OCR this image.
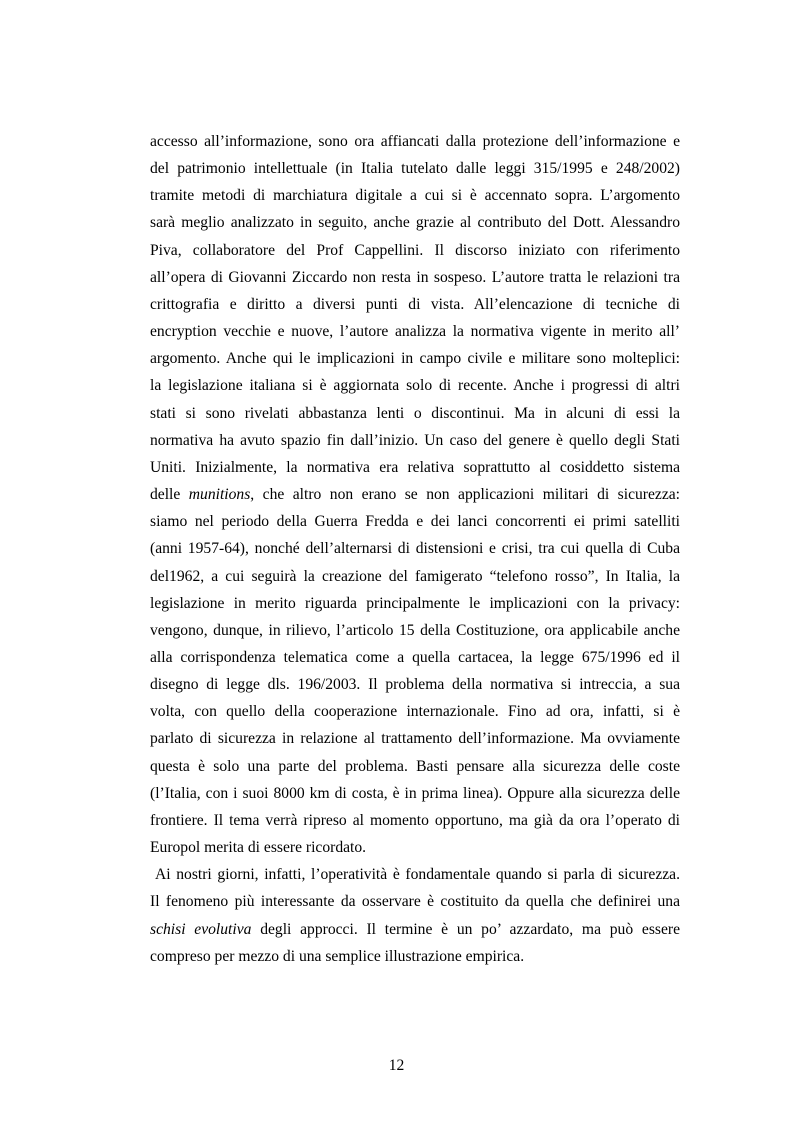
accesso all’informazione, sono ora affiancati dalla protezione dell’informazione e
del patrimonio intellettuale (in Italia tutelato dalle leggi 315/1995 e 248/2002)
tramite metodi di marchiatura digitale a cui si è accennato sopra. L’argomento
sarà meglio analizzato in seguito, anche grazie al contributo del Dott. Alessandro
Piva, collaboratore del Prof Cappellini. Il discorso iniziato con riferimento
all’opera di Giovanni Ziccardo non resta in sospeso. L’autore tratta le relazioni tra
crittografia e diritto a diversi punti di vista. All’elencazione di tecniche di
encryption vecchie e nuove, l’autore analizza la normativa vigente in merito all’
argomento. Anche qui le implicazioni in campo civile e militare sono molteplici:
la legislazione italiana si è aggiornata solo di recente. Anche i progressi di altri
stati si sono rivelati abbastanza lenti o discontinui. Ma in alcuni di essi la
normativa ha avuto spazio fin dall’inizio. Un caso del genere è quello degli Stati
Uniti. Inizialmente, la normativa era relativa soprattutto al cosiddetto sistema
delle munitions, che altro non erano se non applicazioni militari di sicurezza:
siamo nel periodo della Guerra Fredda e dei lanci concorrenti ei primi satelliti
(anni 1957-64), nonché dell’alternarsi di distensioni e crisi, tra cui quella di Cuba
del1962, a cui seguirà la creazione del famigerato “telefono rosso”, In Italia, la
legislazione in merito riguarda principalmente le implicazioni con la privacy:
vengono, dunque, in rilievo, l’articolo 15 della Costituzione, ora applicabile anche
alla corrispondenza telematica come a quella cartacea, la legge 675/1996 ed il
disegno di legge dls. 196/2003. Il problema della normativa si intreccia, a sua
volta, con quello della cooperazione internazionale. Fino ad ora, infatti, si è
parlato di sicurezza in relazione al trattamento dell’informazione. Ma ovviamente
questa è solo una parte del problema. Basti pensare alla sicurezza delle coste
(l’Italia, con i suoi 8000 km di costa, è in prima linea). Oppure alla sicurezza delle
frontiere. Il tema verrà ripreso al momento opportuno, ma già da ora l’operato di
Europol merita di essere ricordato.
Ai nostri giorni, infatti, l’operatività è fondamentale quando si parla di sicurezza.
Il fenomeno più interessante da osservare è costituito da quella che definirei una
schisi evolutiva degli approcci. Il termine è un po’ azzardato, ma può essere
compreso per mezzo di una semplice illustrazione empirica.
12
